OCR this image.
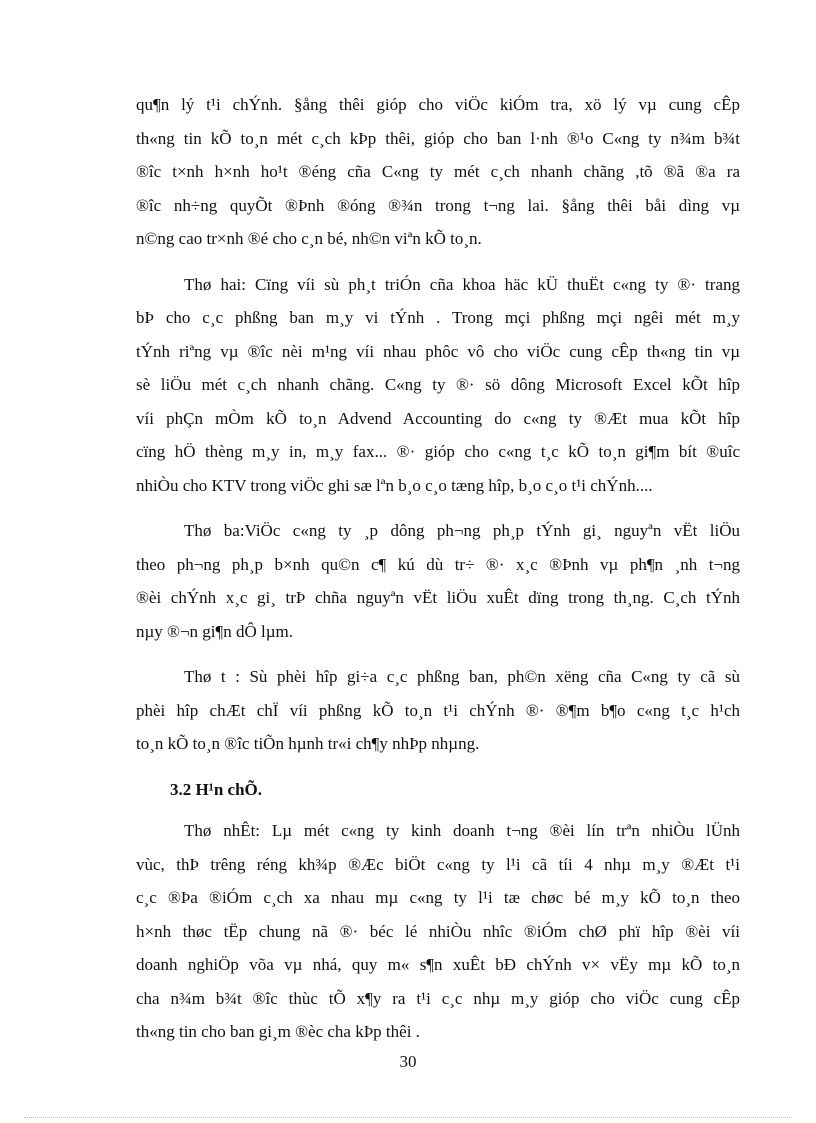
qu¶n lý t¹i chÝnh. §ång thêi gióp cho viÖc kiÓm tra, xö lý vµ cung cÊp
th«ng tin kÕ to¸n mét c¸ch kÞp thêi, gióp cho ban l·nh ®¹o C«ng ty n¾m b¾t
®îc t×nh h×nh ho¹t ®éng cña C«ng ty mét c¸ch nhanh chãng ,tõ ®ã ®a ra
®îc nh÷ng quyÕt ®Þnh ®óng ®¾n trong t¬ng lai. §ång thêi båi dìng vµ
n©ng cao tr×nh ®é cho c¸n bé, nh©n viªn kÕ to¸n.
Thø hai: Cïng víi sù ph¸t triÓn cña khoa häc kÜ thuËt c«ng ty ®· trang
bÞ cho c¸c phßng ban m¸y vi tÝnh . Trong mçi phßng mçi ngêi mét m¸y
tÝnh riªng vµ ®îc nèi m¹ng víi nhau phôc vô cho viÖc cung cÊp th«ng tin vµ
sè liÖu mét c¸ch nhanh chãng. C«ng ty ®· sö dông Microsoft Excel kÕt hîp
víi phÇn mÒm kÕ to¸n Advend Accounting do c«ng ty ®Æt mua kÕt hîp
cïng hÖ thèng m¸y in, m¸y fax... ®· gióp cho c«ng t¸c kÕ to¸n gi¶m bít ®uîc
nhiÒu cho KTV trong viÖc ghi sæ lªn b¸o c¸o tæng hîp, b¸o c¸o t¹i chÝnh....
Thø ba:ViÖc c«ng ty ¸p dông ph¬ng ph¸p tÝnh gi¸ nguyªn vËt liÖu
theo ph¬ng ph¸p b×nh qu©n c¶ kú dù tr÷ ®· x¸c ®Þnh vµ ph¶n ¸nh t¬ng
®èi chÝnh x¸c gi¸ trÞ chña nguyªn vËt liÖu xuÊt dïng trong th¸ng. C¸ch tÝnh
nµy ®¬n gi¶n dÔ lµm.
Thø t : Sù phèi hîp gi÷a c¸c phßng ban, ph©n xëng cña C«ng ty cã sù
phèi hîp chÆt chÏ víi phßng kÕ to¸n t¹i chÝnh ®· ®¶m b¶o c«ng t¸c h¹ch
to¸n kÕ to¸n ®îc tiÕn hµnh tr«i ch¶y nhÞp nhµng.
3.2 H¹n chÕ.
Thø nhÊt: Lµ mét c«ng ty kinh doanh t¬ng ®èi lín trªn nhiÒu lÜnh
vùc, thÞ trêng réng kh¾p ®Æc biÖt c«ng ty l¹i cã tíi 4 nhµ m¸y ®Æt t¹i
c¸c ®Þa ®iÓm c¸ch xa nhau mµ c«ng ty l¹i tæ chøc bé m¸y kÕ to¸n theo
h×nh thøc tËp chung nã ®· béc lé nhiÒu nhîc ®iÓm chØ phï hîp ®èi víi
doanh nghiÖp võa vµ nhá, quy m« s¶n xuÊt bÐ chÝnh v× vËy mµ kÕ to¸n
cha n¾m b¾t ®îc thùc tÕ x¶y ra t¹i c¸c nhµ m¸y gióp cho viÖc cung cÊp
th«ng tin cho ban gi¸m ®èc cha kÞp thêi .
30
